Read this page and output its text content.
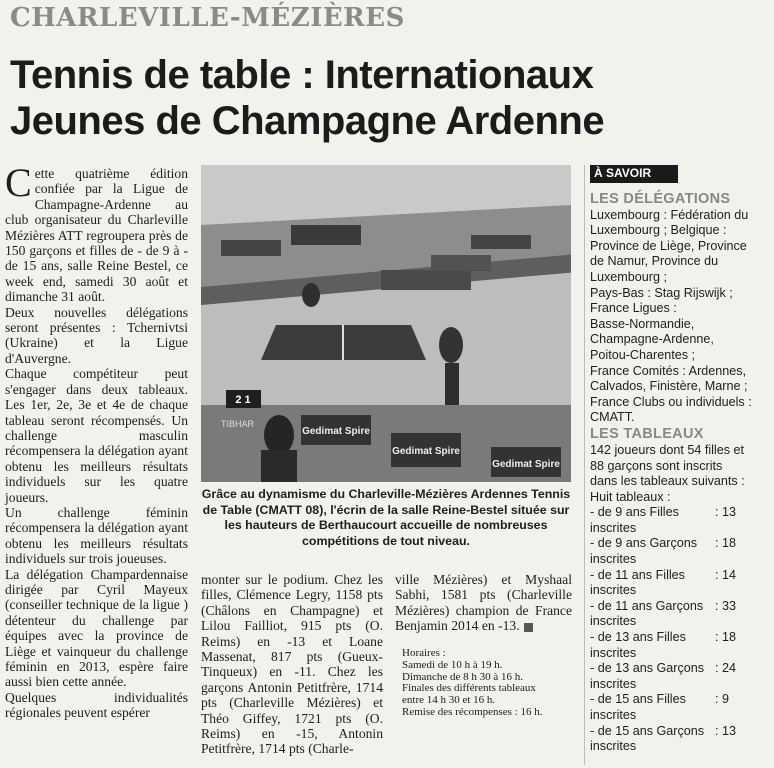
CHARLEVILLE-MÉZIÈRES
Tennis de table : Internationaux
Jeunes de Champagne Ardenne

Cette quatrième édition confiée par la Ligue de Champagne-Ardenne au club organisateur du Charleville Mézières ATT regroupera près de 150 garçons et filles de - de 9 à - de 15 ans, salle Reine Bestel, ce week end, samedi 30 août et dimanche 31 août.

Deux nouvelles délégations seront présentes : Tchernivtsi (Ukraine) et la Ligue d'Auvergne.

Chaque compétiteur peut s'engager dans deux tableaux. Les 1er, 2e, 3e et 4e de chaque tableau seront récompensés. Un challenge masculin récompensera la délégation ayant obtenu les meilleurs résultats individuels sur les quatre joueurs.

Un challenge féminin récompensera la délégation ayant obtenu les meilleurs résultats individuels sur trois joueuses.

La délégation Champardennaise dirigée par Cyril Mayeux (conseiller technique de la ligue ) détenteur du challenge par équipes avec la province de Liège et vainqueur du challenge féminin en 2013, espère faire aussi bien cette année.

Quelques individualités régionales peuvent espérer

Gedimat Spire
Gedimat Spire
Gedimat Spire
2 1
TIBHAR
Grâce au dynamisme du Charleville-Mézières Ardennes Tennis de Table (CMATT 08), l'écrin de la salle Reine-Bestel située sur les hauteurs de Berthaucourt accueille de nombreuses compétitions de tout niveau.

monter sur le podium. Chez les filles, Clémence Legry, 1158 pts (Châlons en Champagne) et Lilou Failliot, 915 pts (O. Reims) en -13 et Loane Massenat, 817 pts (Gueux-Tinqueux) en -11. Chez les garçons Antonin Petitfrère, 1714 pts (Charleville Mézières) et Théo Giffey, 1721 pts (O. Reims) en -15, Antonin Petitfrère, 1714 pts (Charle-

ville Mézières) et Myshaal Sabhi, 1581 pts (Charleville Mézières) champion de France Benjamin 2014 en -13.

Horaires :
Samedi de 10 h à 19 h.
Dimanche de 8 h 30 à 16 h.
Finales des différents tableaux
entre 14 h 30 et 16 h.
Remise des récompenses : 16 h.
À SAVOIR
LES DÉLÉGATIONS
Luxembourg : Fédération du
Luxembourg ; Belgique :
Province de Liège, Province
de Namur, Province du
Luxembourg ;
Pays-Bas : Stag Rijswijk ;
France Ligues :
Basse-Normandie,
Champagne-Ardenne,
Poitou-Charentes ;
France Comités : Ardennes,
Calvados, Finistère, Marne ;
France Clubs ou individuels :
CMATT.
LES TABLEAUX
142 joueurs dont 54 filles et
88 garçons sont inscrits
dans les tableaux suivants :
Huit tableaux :
- de 9 ans Filles	: 13
inscrites
- de 9 ans Garçons	: 18
inscrites
- de 11 ans Filles	: 14
inscrites
- de 11 ans Garçons : 33
inscrites
- de 13 ans Filles	: 18
inscrites
- de 13 ans Garçons : 24
inscrites
- de 15 ans Filles	: 9
inscrites
- de 15 ans Garçons : 13
inscrites
